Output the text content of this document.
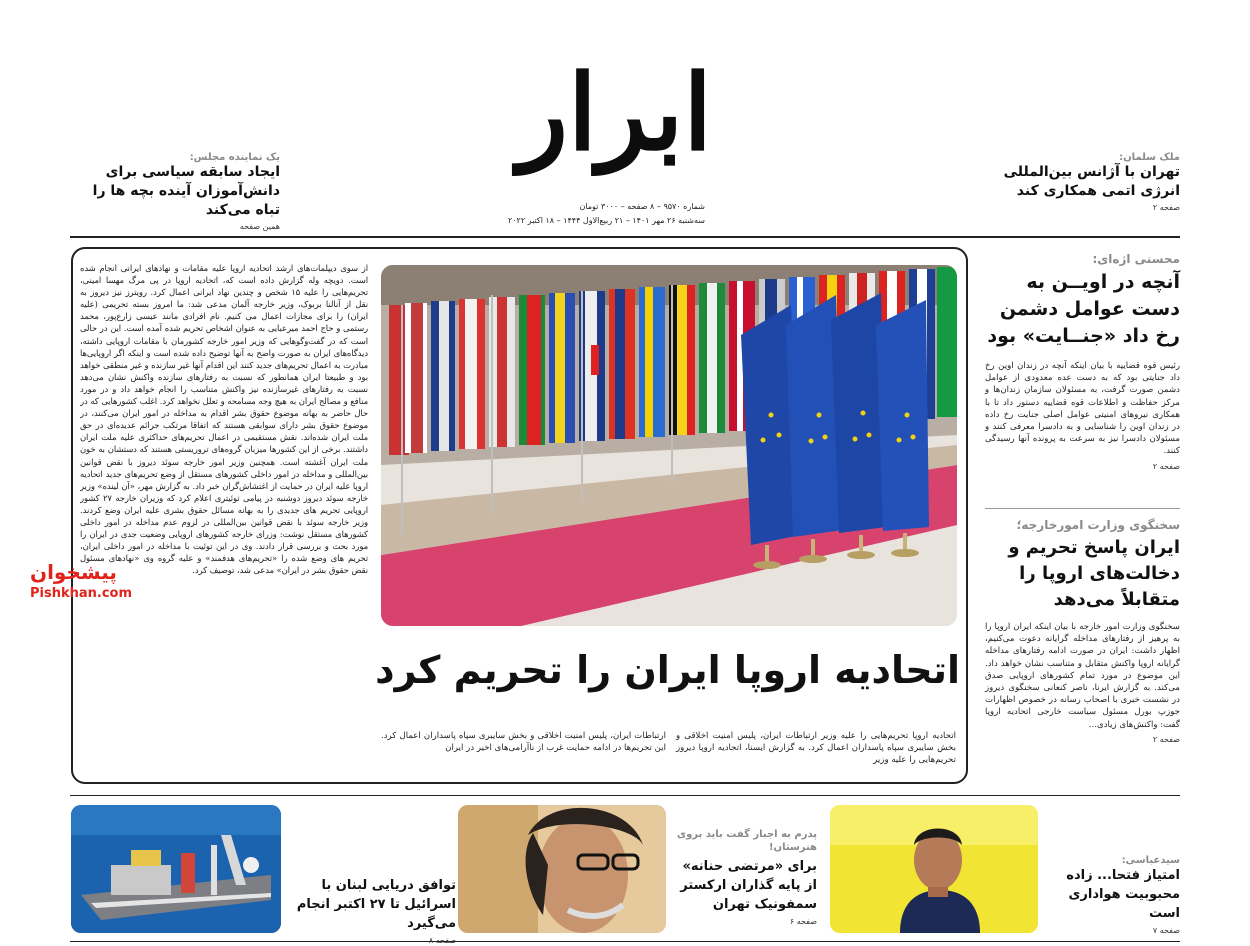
ابرار
شماره ۹۵۷۰ – ۸ صفحه – ۳۰۰۰ تومان
سه‌شنبه ۲۶ مهر ۱۴۰۱ – ۲۱ ربیع‌الاول ۱۴۴۴ – ۱۸ اکتبر ۲۰۲۲
ملک سلمان:
تهران با آژانس بین‌المللی انرژی اتمی همکاری کند
صفحه ۲
یک نماینده مجلس:
ایجاد سابقه سیاسی برای دانش‌آموزان آینده بچه ها را تباه می‌کند
همین صفحه
محسنی اژه‌ای:
آنچه در اویــن به دست عوامل دشمن رخ داد «جنــایت» بود
رئیس قوه قضاییه با بیان اینکه آنچه در زندان اوین رخ داد جنایتی بود که به دست عده معدودی از عوامل دشمن صورت گرفت، به مسئولان سازمان زندان‌ها و مرکز حفاظت و اطلاعات قوه قضاییه دستور داد تا با همکاری نیروهای امنیتی عوامل اصلی جنایت رخ داده در زندان اوین را شناسایی و به دادسرا معرفی کنند و مسئولان دادسرا نیز به سرعت به پرونده آنها رسیدگی کنند.
صفحه ۲
سخنگوی وزارت امورخارجه؛
ایران پاسخ تحریم و دخالت‌های اروپا را متقابلاً می‌دهد
سخنگوی وزارت امور خارجه با بیان اینکه ایران اروپا را به پرهیز از رفتارهای مداخله گرایانه دعوت می‌کنیم، اظهار داشت: ایران در صورت ادامه رفتارهای مداخله گرایانه اروپا واکنش متقابل و متناسب نشان خواهد داد. این موضوع در مورد تمام کشورهای اروپایی صدق می‌کند. به گزارش ایرنا، ناصر کنعانی سخنگوی دیروز در نشست خبری با اصحاب رسانه در خصوص اظهارات جوزپ بورل مسئول سیاست خارجی اتحادیه اروپا گفت: واکنش‌های زیادی...
صفحه ۲
اتحادیه اروپا ایران را تحریم کرد
اتحادیه اروپا تحریم‌هایی را علیه وزیر ارتباطات ایران، پلیس امنیت اخلاقی و بخش سایبری سپاه پاسداران اعمال کرد. به گزارش ایسنا، اتحادیه اروپا دیروز تحریم‌هایی را علیه وزیر
ارتباطات ایران، پلیس امنیت اخلاقی و بخش سایبری سپاه پاسداران اعمال کرد. این تحریم‌ها در ادامه حمایت غرب از ناآرامی‌های اخیر در ایران
از سوی دیپلمات‌های ارشد اتحادیه اروپا علیه مقامات و نهادهای ایرانی انجام شده است. دویچه وله گزارش داده است که، اتحادیه اروپا در پی مرگ مهسا امینی، تحریم‌هایی را علیه ۱۵ شخص و چندین نهاد ایرانی اعمال کرد. رویترز نیز دیروز به نقل از آنالنا بربوک، وزیر خارجه آلمان مدعی شد: ما امروز بسته تحریمی (علیه ایران) را برای مجازات اعمال می کنیم. نام افرادی مانند عیسی زارع‌پور، محمد رستمی و حاج احمد میرعبایی به عنوان اشخاص تحریم شده آمده است. این در حالی است که در گفت‌وگوهایی که وزیر امور خارجه کشورمان با مقامات اروپایی داشته، دیدگاه‌های ایران به صورت واضح به آنها توضیح داده شده است و اینکه اگر اروپایی‌ها مبادرت به اعمال تحریم‌های جدید کنند این اقدام آنها غیر سازنده و غیر منطقی خواهد بود و طبیعتا ایران همانطور که نسبت به رفتارهای سازنده واکنش نشان می‌دهد نسبت به رفتارهای غیرسازنده نیز واکنش متناسب را انجام خواهد داد و در مورد منافع و مصالح ایران به هیچ وجه مسامحه و تعلل نخواهد کرد. اغلب کشورهایی که در حال حاضر به بهانه موضوع حقوق بشر اقدام به مداخله در امور ایران می‌کنند، در موضوع حقوق بشر دارای سوابقی هستند که اتفاقا مرتکب جرائم عدیده‌ای در حق ملت ایران شده‌اند. نقش مستقیمی در اعمال تحریم‌های حداکثری علیه ملت ایران داشتند. برخی از این کشورها میزبان گروه‌های تروریستی هستند که دستشان به خون ملت ایران آغشته است. همچنین وزیر امور خارجه سوئد دیروز با نقض قوانین بین‌المللی و مداخله در امور داخلی کشورهای مستقل از وضع تحریم‌های جدید اتحادیه اروپا علیه ایران در حمایت از اغتشاش‌گران خبر داد. به گزارش مهر، «آن لینده» وزیر خارجه سوئد دیروز دوشنبه در پیامی توئیتری اعلام کرد که وزیران خارجه ۲۷ کشور اروپایی تحریم های جدیدی را به بهانه مسائل حقوق بشری علیه ایران وضع کردند. وزیر خارجه سوئد با نقض قوانین بین‌المللی در لزوم عدم مداخله در امور داخلی کشورهای مستقل نوشت: وزرای خارجه کشورهای اروپایی وضعیت جدی در ایران را مورد بحث و بررسی قرار دادند. وی در این توئیت با مداخله در امور داخلی ایران، تحریم های وضع شده را «تحریم‌های هدفمند» و علیه گروه وی «نهادهای مسئول نقض حقوق بشر در ایران» مدعی شد، توصیف کرد.
پیشخوان
Pishkhan.com
سیدعباسی:
امتیاز فتحا... زاده محبوبیت هواداری است
صفحه ۷
پدرم به اجبار گفت باید بروی هنرستان!
برای «مرتضی حنانه» از پایه گذاران ارکستر سمفونیک تهران
صفحه ۶
توافق دریایی لبنان با اسرائیل تا ۲۷ اکتبر انجام می‌گیرد
